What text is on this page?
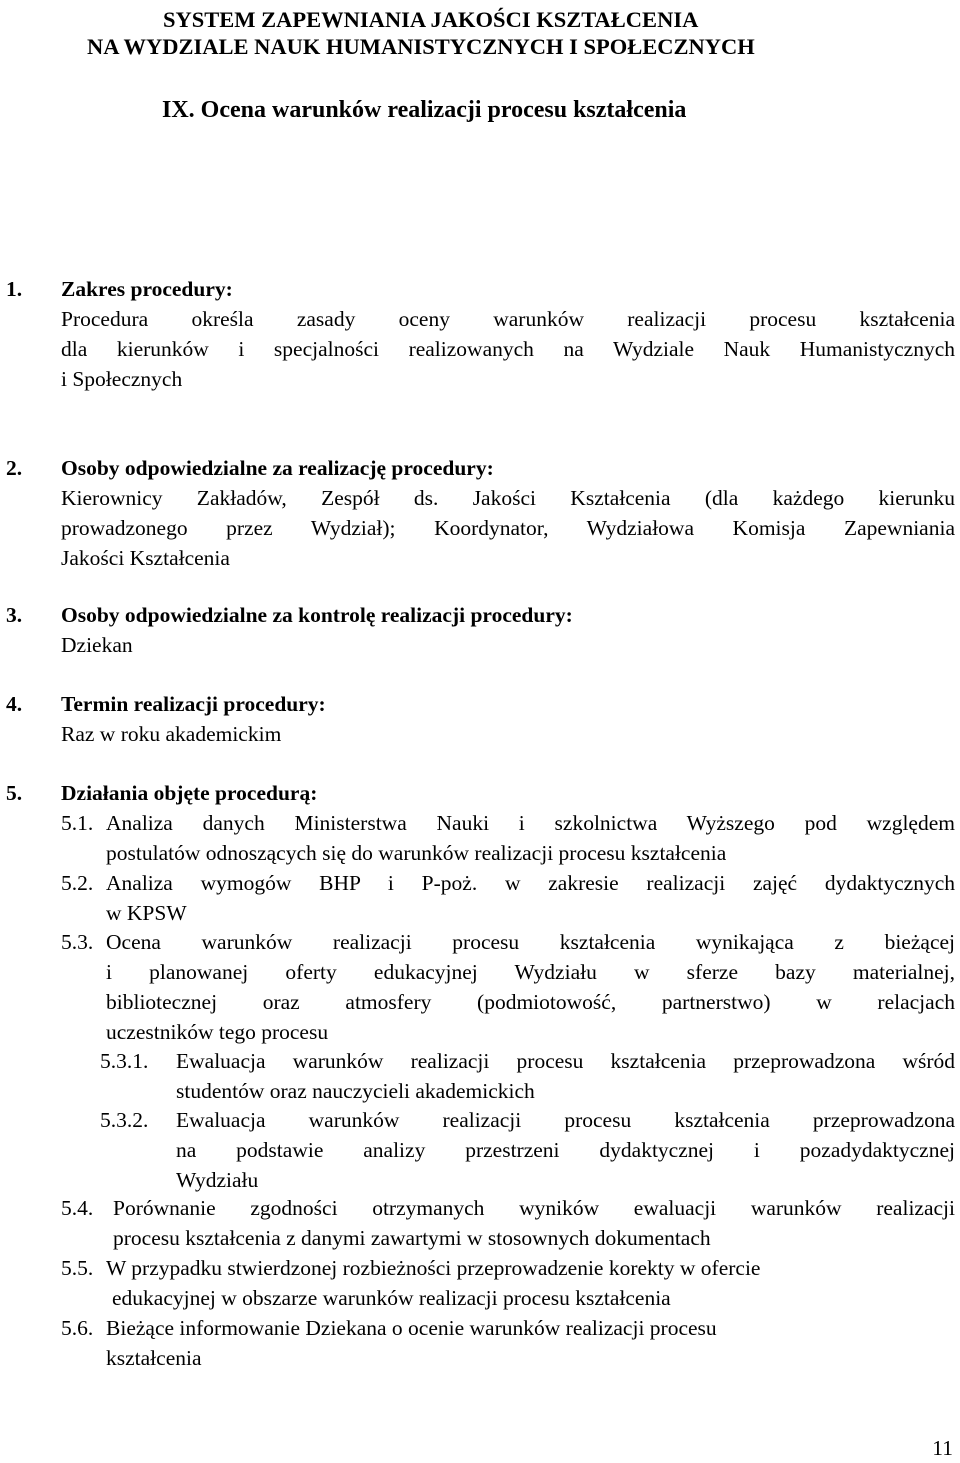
SYSTEM ZAPEWNIANIA JAKOŚCI KSZTAŁCENIA
NA WYDZIALE NAUK HUMANISTYCZNYCH I SPOŁECZNYCH
IX. Ocena warunków realizacji procesu kształcenia
1. Zakres procedury:
Procedura określa zasady oceny warunków realizacji procesu kształcenia
dla kierunków i specjalności realizowanych na Wydziale Nauk Humanistycznych
i Społecznych
2. Osoby odpowiedzialne za realizację procedury:
Kierownicy Zakładów, Zespół ds. Jakości Kształcenia (dla każdego kierunku
prowadzonego przez Wydział); Koordynator, Wydziałowa Komisja Zapewniania
Jakości Kształcenia
3. Osoby odpowiedzialne za kontrolę realizacji procedury:
Dziekan
4. Termin realizacji procedury:
Raz w roku akademickim
5. Działania objęte procedurą:
5.1. Analiza danych Ministerstwa Nauki i szkolnictwa Wyższego pod względem
postulatów odnoszących się do warunków realizacji procesu kształcenia
5.2. Analiza wymogów BHP i P-poż. w zakresie realizacji zajęć dydaktycznych
w KPSW
5.3. Ocena warunków realizacji procesu kształcenia wynikająca z bieżącej
i planowanej oferty edukacyjnej Wydziału w sferze bazy materialnej,
bibliotecznej oraz atmosfery (podmiotowość, partnerstwo) w relacjach
uczestników tego procesu
5.3.1. Ewaluacja warunków realizacji procesu kształcenia przeprowadzona wśród
studentów oraz nauczycieli akademickich
5.3.2. Ewaluacja warunków realizacji procesu kształcenia przeprowadzona
na podstawie analizy przestrzeni dydaktycznej i pozadydaktycznej
Wydziału
5.4. Porównanie zgodności otrzymanych wyników ewaluacji warunków realizacji
procesu kształcenia z danymi zawartymi w stosownych dokumentach
5.5. W przypadku stwierdzonej rozbieżności przeprowadzenie korekty w ofercie
edukacyjnej w obszarze warunków realizacji procesu kształcenia
5.6. Bieżące informowanie Dziekana o ocenie warunków realizacji procesu
kształcenia
11
